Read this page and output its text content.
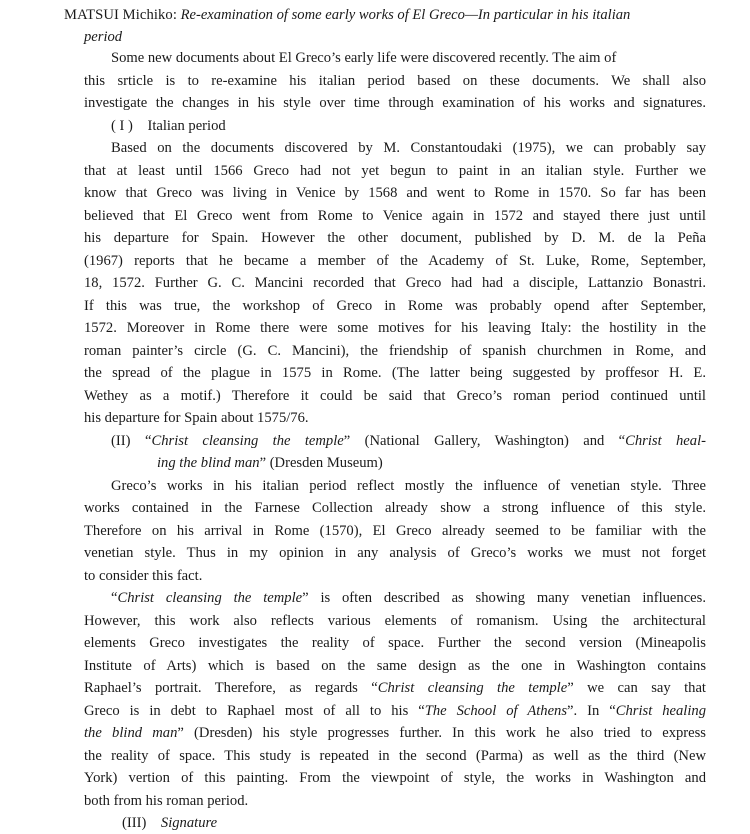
MATSUI Michiko: Re-examination of some early works of El Greco—In particular in his italian
period
Some new documents about El Greco’s early life were discovered recently. The aim of
this srticle is to re-examine his italian period based on these documents. We shall also
investigate the changes in his style over time through examination of his works and signatures.
( I ) Italian period
Based on the documents discovered by M. Constantoudaki (1975), we can probably say
that at least until 1566 Greco had not yet begun to paint in an italian style. Further we
know that Greco was living in Venice by 1568 and went to Rome in 1570. So far has been
believed that El Greco went from Rome to Venice again in 1572 and stayed there just until
his departure for Spain. However the other document, published by D. M. de la Peña
(1967) reports that he became a member of the Academy of St. Luke, Rome, September,
18, 1572. Further G. C. Mancini recorded that Greco had had a disciple, Lattanzio Bonastri.
If this was true, the workshop of Greco in Rome was probably opend after September,
1572. Moreover in Rome there were some motives for his leaving Italy: the hostility in the
roman painter’s circle (G. C. Mancini), the friendship of spanish churchmen in Rome, and
the spread of the plague in 1575 in Rome. (The latter being suggested by proffesor H. E.
Wethey as a motif.) Therefore it could be said that Greco’s roman period continued until
his departure for Spain about 1575/76.
(II) “Christ cleansing the temple” (National Gallery, Washington) and “Christ heal-
ing the blind man” (Dresden Museum)
Greco’s works in his italian period reflect mostly the influence of venetian style. Three
works contained in the Farnese Collection already show a strong influence of this style.
Therefore on his arrival in Rome (1570), El Greco already seemed to be familiar with the
venetian style. Thus in my opinion in any analysis of Greco’s works we must not forget
to consider this fact.
“Christ cleansing the temple” is often described as showing many venetian influences.
However, this work also reflects various elements of romanism. Using the architectural
elements Greco investigates the reality of space. Further the second version (Mineapolis
Institute of Arts) which is based on the same design as the one in Washington contains
Raphael’s portrait. Therefore, as regards “Christ cleansing the temple” we can say that
Greco is in debt to Raphael most of all to his “The School of Athens”. In “Christ healing
the blind man” (Dresden) his style progresses further. In this work he also tried to express
the reality of space. This study is repeated in the second (Parma) as well as the third (New
York) vertion of this painting. From the viewpoint of style, the works in Washington and
both from his roman period.
(III) Signature
